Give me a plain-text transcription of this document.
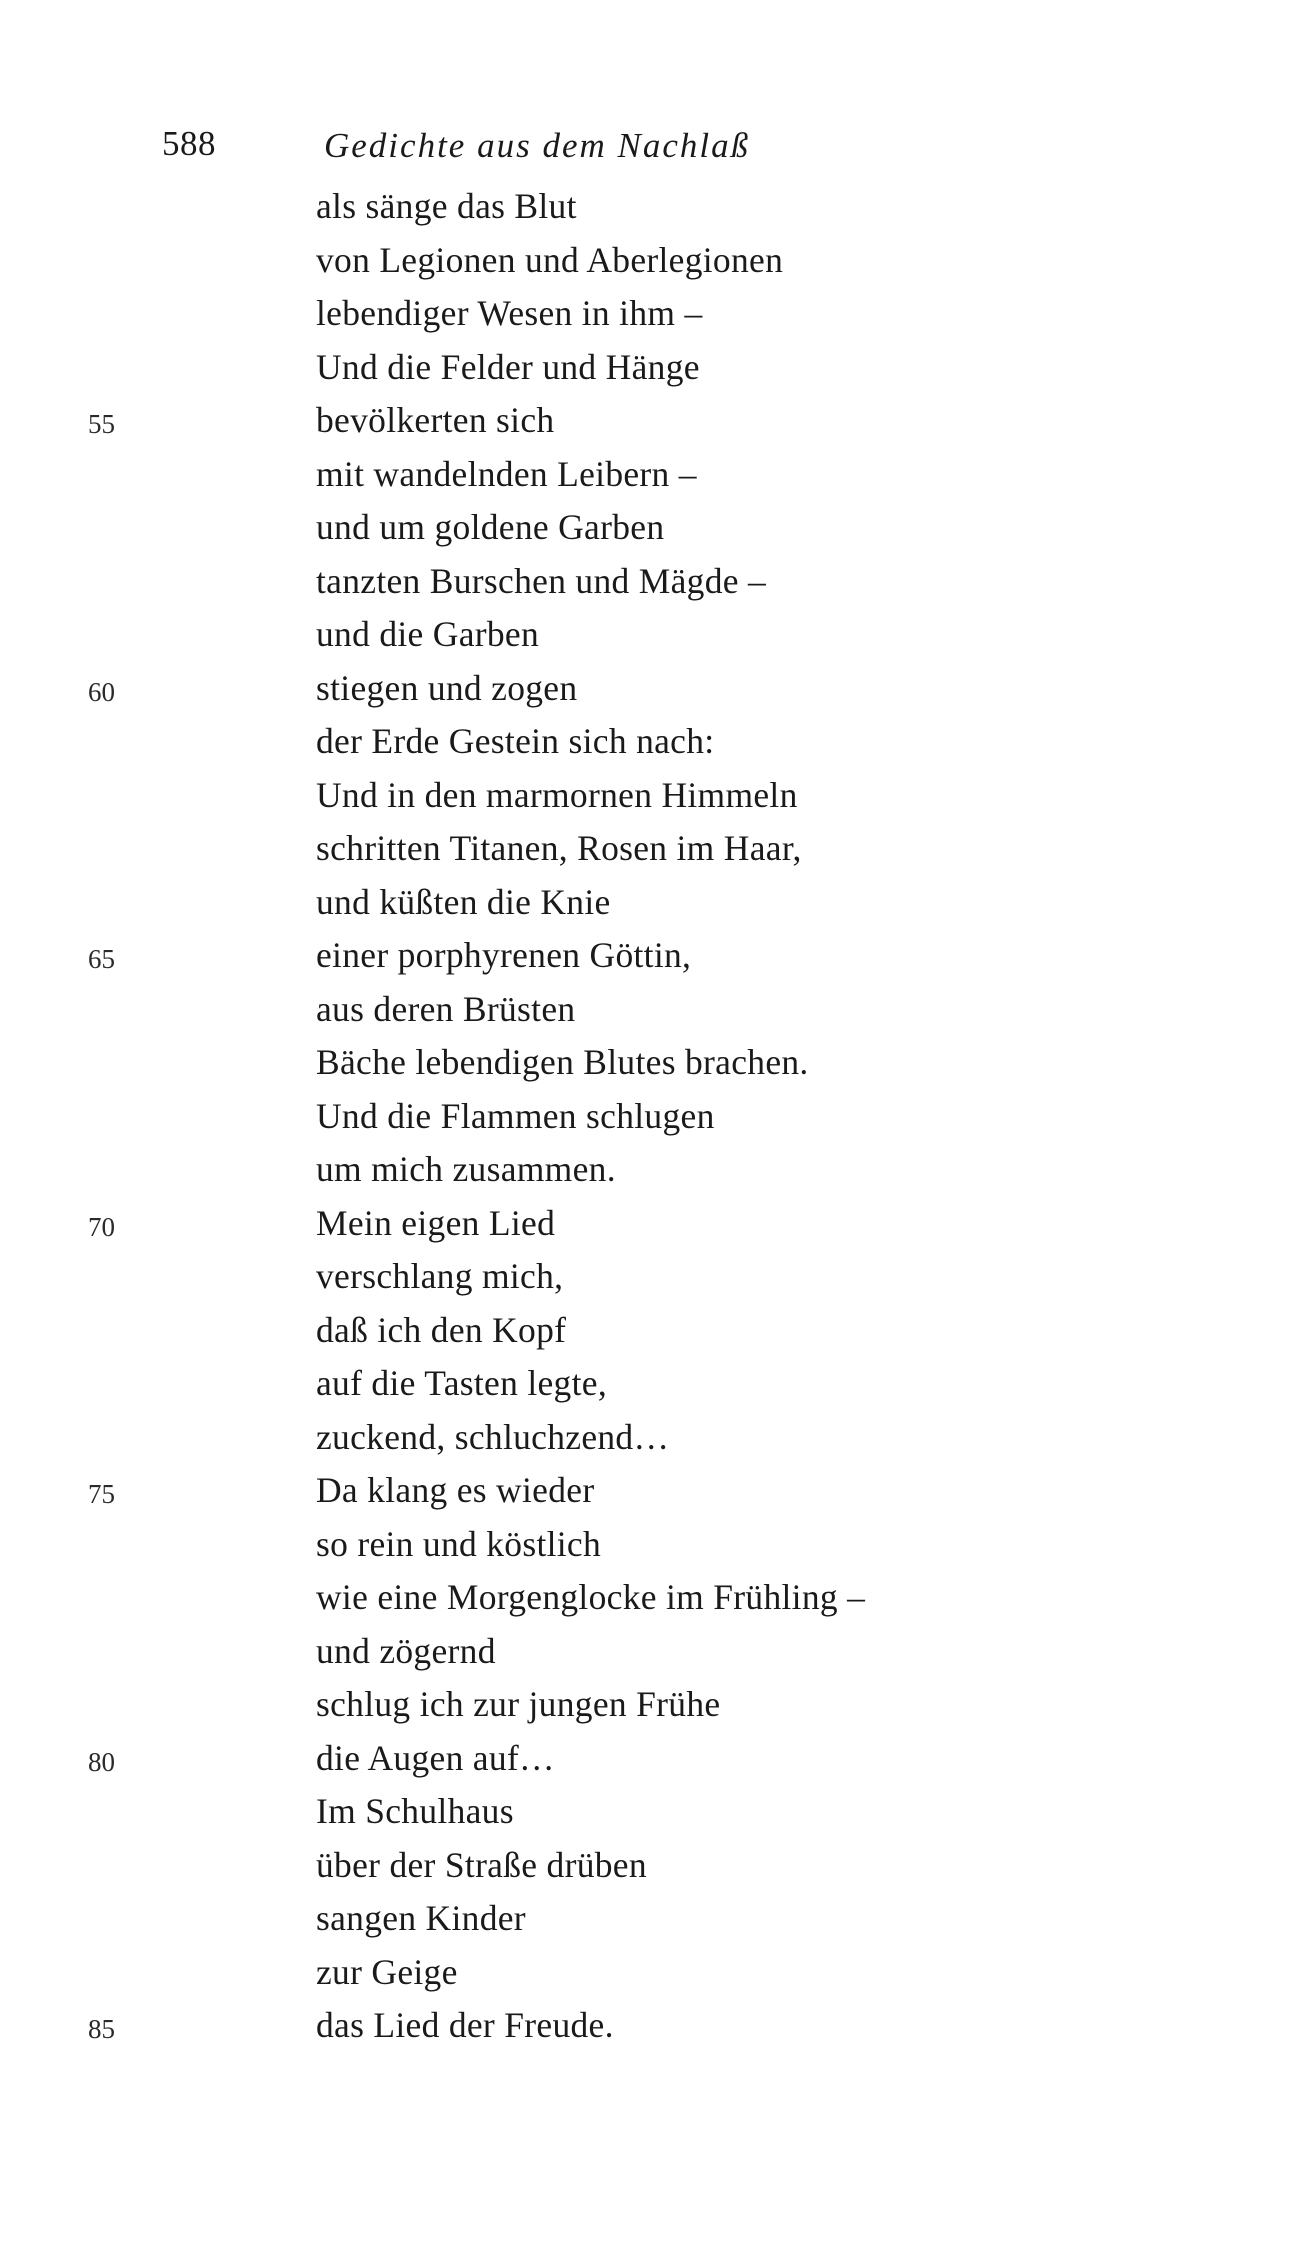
588	Gedichte aus dem Nachlaß
als sänge das Blut
von Legionen und Aberlegionen
lebendiger Wesen in ihm –
Und die Felder und Hänge
55	bevölkerten sich
mit wandelnden Leibern –
und um goldene Garben
tanzten Burschen und Mägde –
und die Garben
60	stiegen und zogen
der Erde Gestein sich nach:
Und in den marmornen Himmeln
schritten Titanen, Rosen im Haar,
und küßten die Knie
65	einer porphyrenen Göttin,
aus deren Brüsten
Bäche lebendigen Blutes brachen.
Und die Flammen schlugen
um mich zusammen.
70	Mein eigen Lied
verschlang mich,
daß ich den Kopf
auf die Tasten legte,
zuckend, schluchzend…
75	Da klang es wieder
so rein und köstlich
wie eine Morgenglocke im Frühling –
und zögernd
schlug ich zur jungen Frühe
80	die Augen auf…
Im Schulhaus
über der Straße drüben
sangen Kinder
zur Geige
85	das Lied der Freude.
